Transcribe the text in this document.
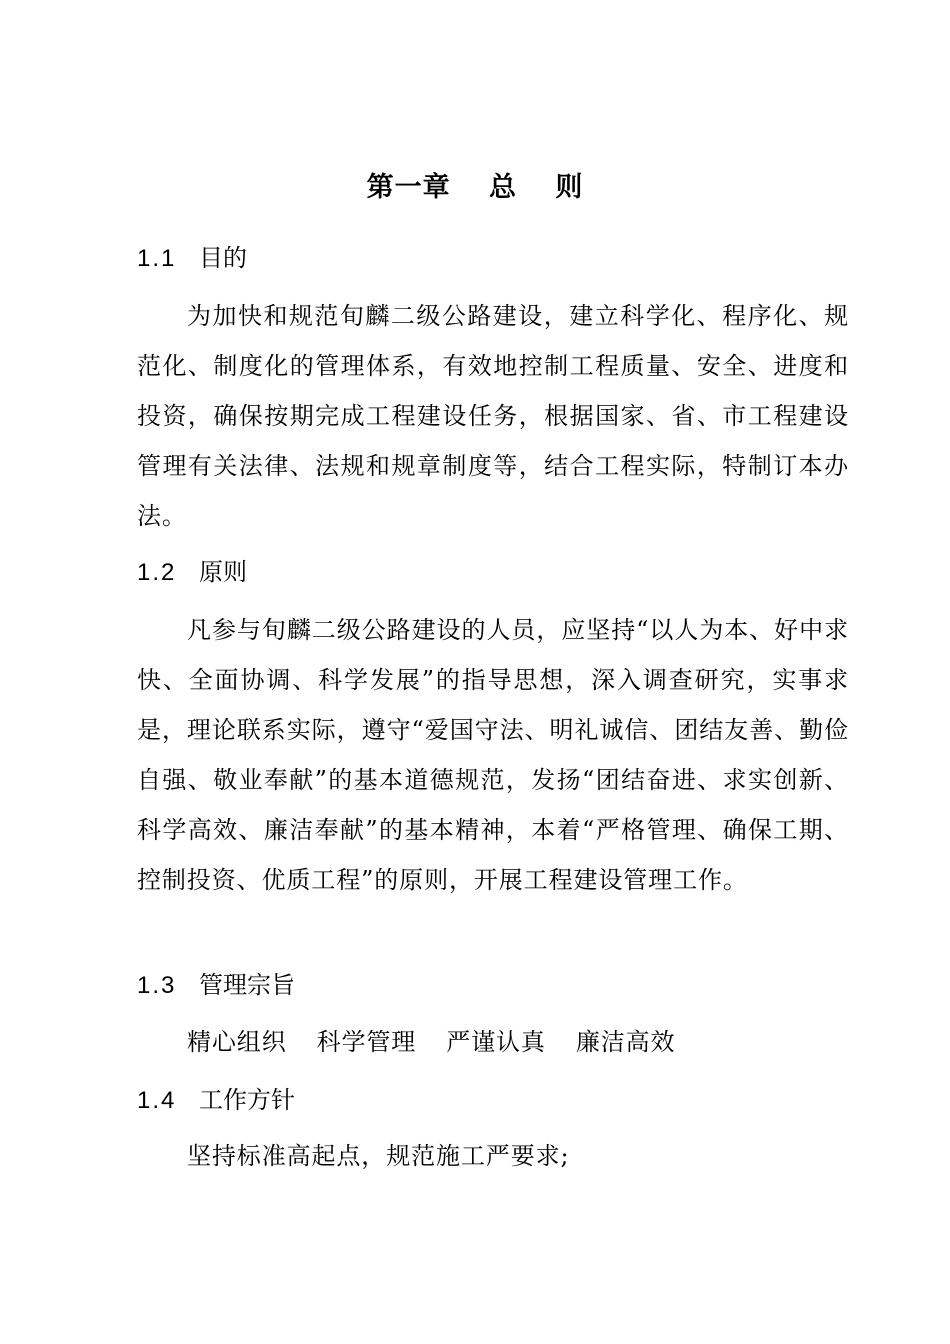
第一章　 总 　则
1.1 目的

为加快和规范旬麟二级公路建设，建立科学化、程序化、规范化、制度化的管理体系，有效地控制工程质量、安全、进度和投资，确保按期完成工程建设任务，根据国家、省、市工程建设管理有关法律、法规和规章制度等，结合工程实际，特制订本办法。

1.2 原则

凡参与旬麟二级公路建设的人员，应坚持“以人为本、好中求快、全面协调、科学发展”的指导思想，深入调查研究，实事求是，理论联系实际，遵守“爱国守法、明礼诚信、团结友善、勤俭自强、敬业奉献”的基本道德规范，发扬“团结奋进、求实创新、科学高效、廉洁奉献”的基本精神，本着“严格管理、确保工期、控制投资、优质工程”的原则，开展工程建设管理工作。

1.3 管理宗旨
精心组织 科学管理 严谨认真 廉洁高效
1.4 工作方针
坚持标准高起点，规范施工严要求;
